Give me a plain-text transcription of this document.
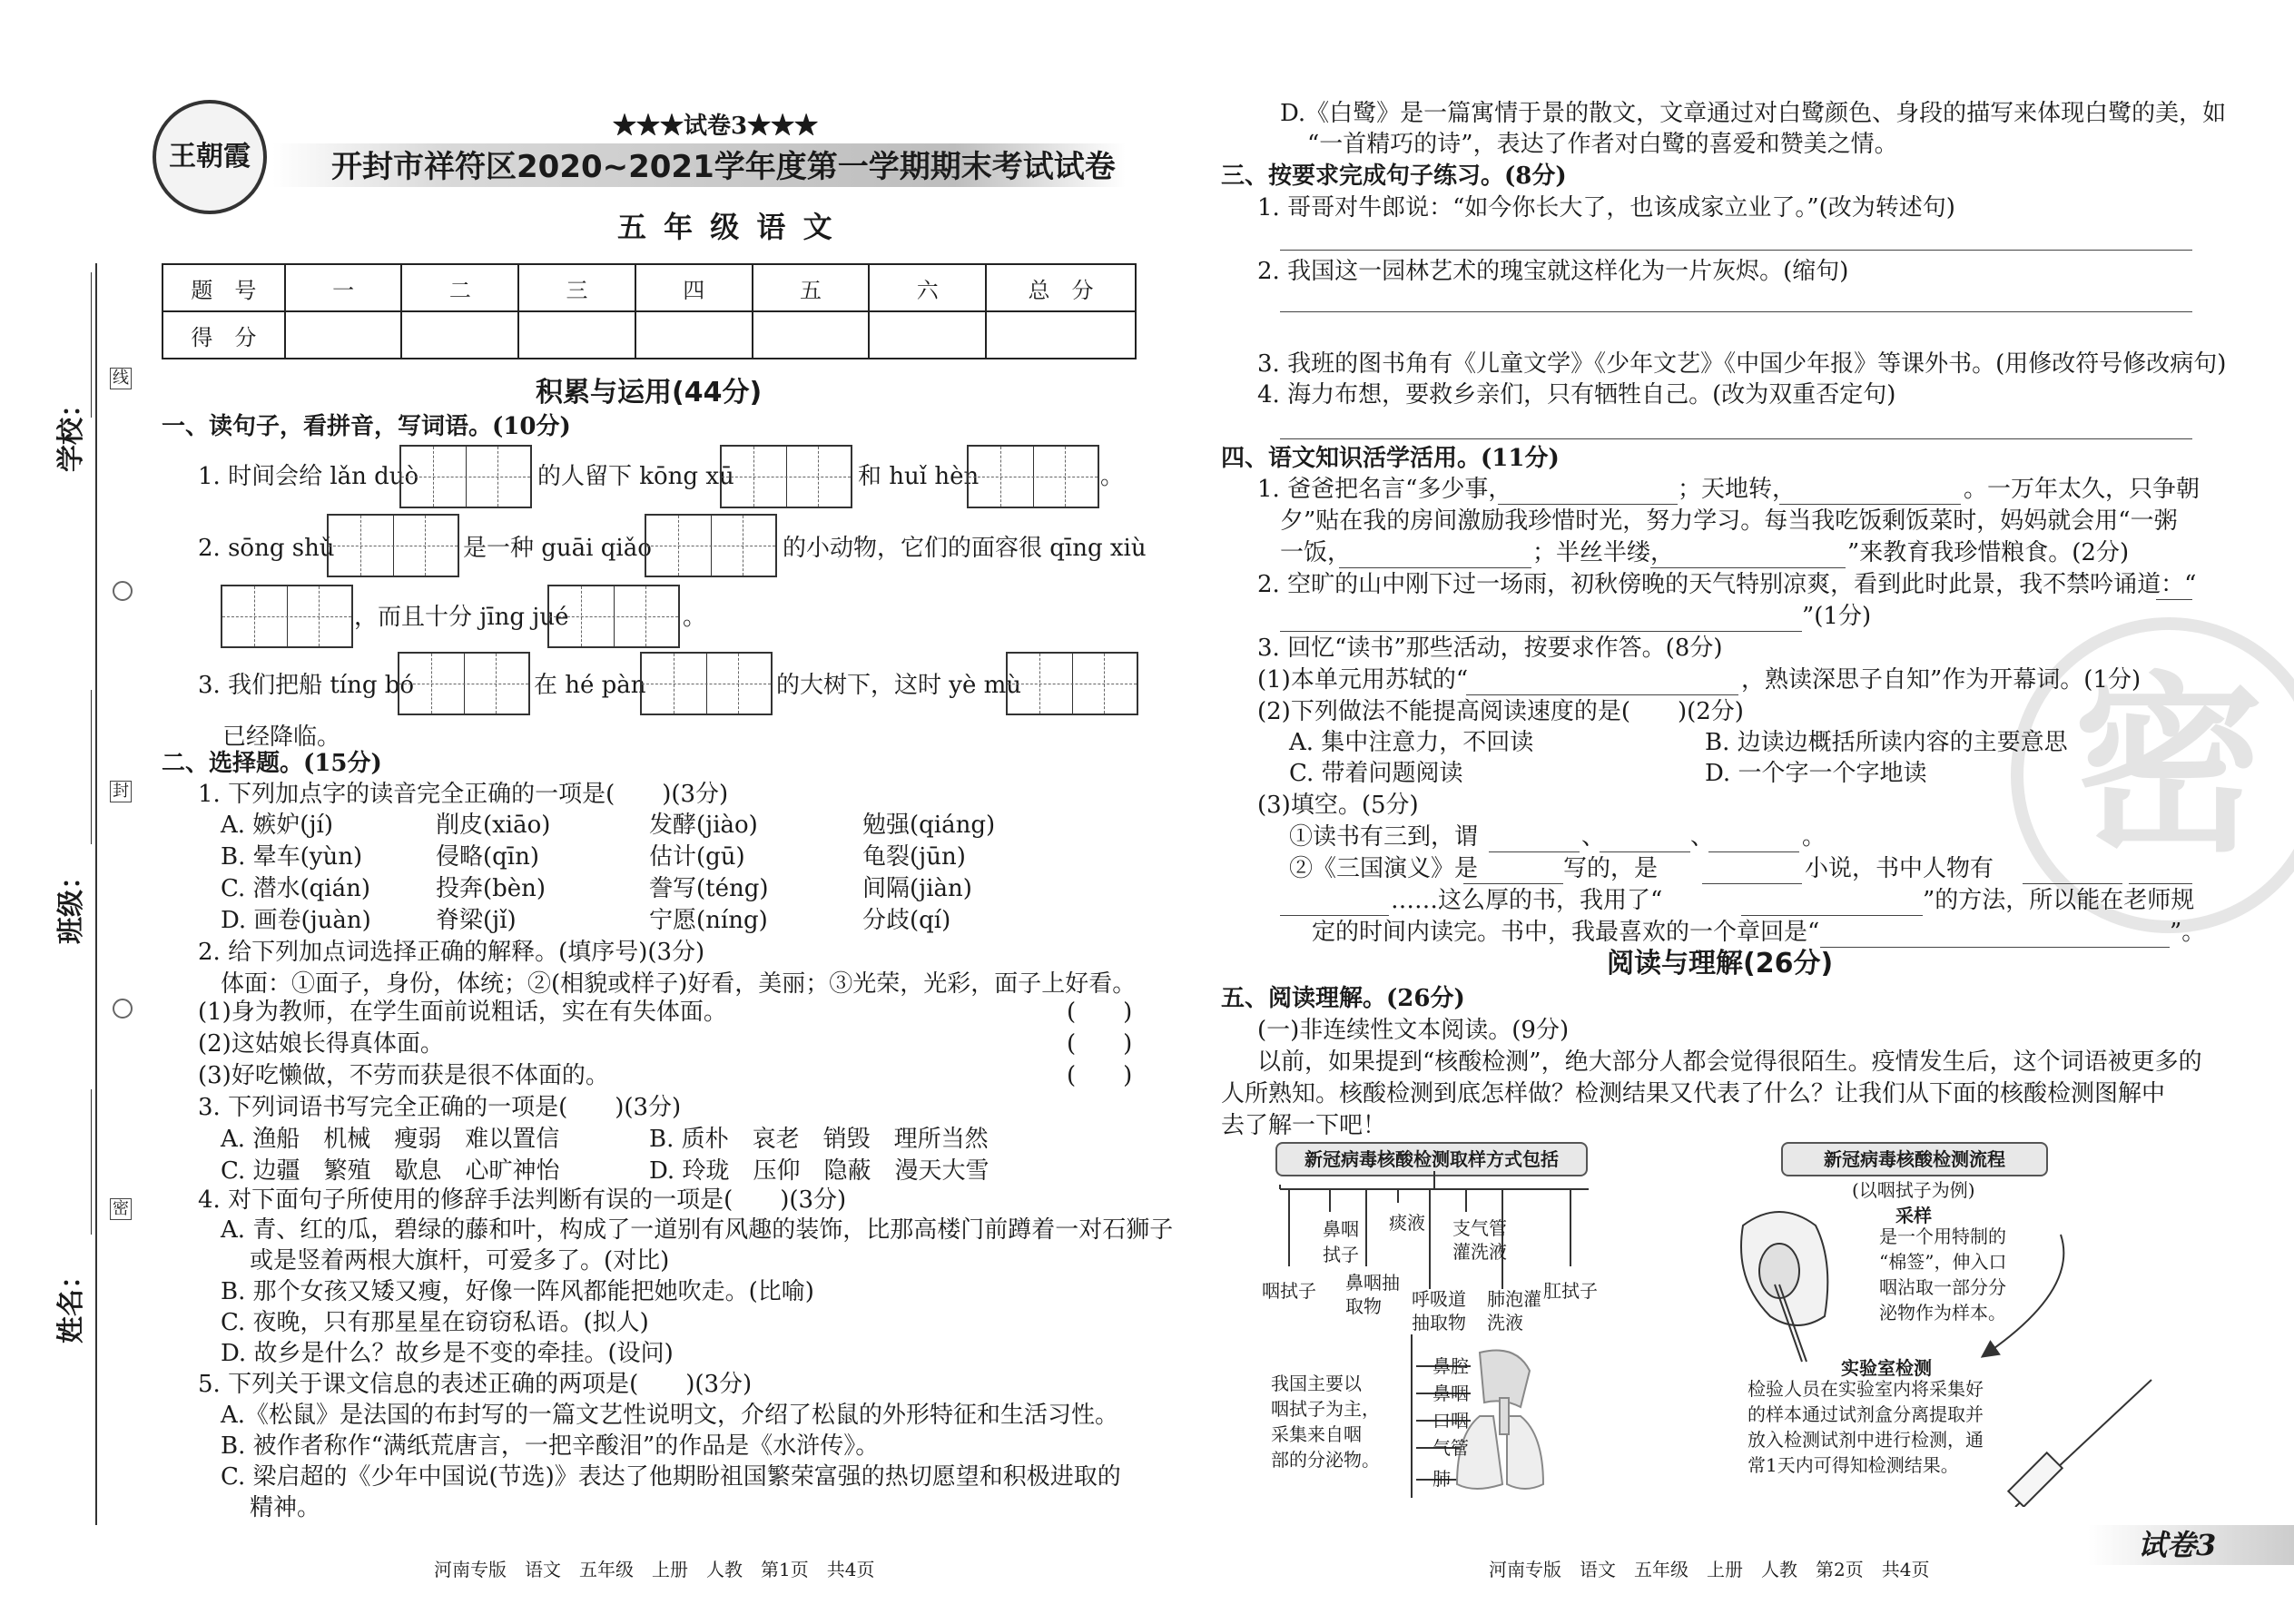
学校：
线
封
密
班级：
姓名：
王朝霞
★★★试卷3★★★
开封市祥符区2020~2021学年度第一学期期末考试试卷
五 年 级 语 文
题　号	一	二	三	四	五	六	总　分
得　分							
积累与运用(44分)
一、读句子，看拼音，写词语。(10分)
1. 时间会给 lǎn duò	的人留下 kōng xū	和 huǐ hèn	。
2. sōng shǔ	是一种 guāi qiǎo	的小动物，它们的面容很 qīng xiù
，而且十分 jīng jué	。
3. 我们把船 tíng bó	在 hé pàn	的大树下，这时 yè mù
已经降临。
二、选择题。(15分)
1. 下列加点字的读音完全正确的一项是(　　)(3分)
A. 嫉妒(jí)	削皮(xiāo)	发酵(jiào)	勉强(qiáng)
B. 晕车(yùn)	侵略(qīn)	估计(gū)	龟裂(jūn)
C. 潜水(qián)	投奔(bèn)	誊写(téng)	间隔(jiàn)
D. 画卷(juàn)	脊梁(jǐ)	宁愿(níng)	分歧(qí)
2. 给下列加点词选择正确的解释。(填序号)(3分)
体面：①面子，身份，体统；②(相貌或样子)好看，美丽；③光荣，光彩，面子上好看。
(1)身为教师，在学生面前说粗话，实在有失体面。	(　　)
(2)这姑娘长得真体面。	(　　)
(3)好吃懒做，不劳而获是很不体面的。	(　　)
3. 下列词语书写完全正确的一项是(　　)(3分)
A. 渔船　机械　瘦弱　难以置信	B. 质朴　哀老　销毁　理所当然
C. 边疆　繁殖　歇息　心旷神怡	D. 玲珑　压仰　隐蔽　漫天大雪
4. 对下面句子所使用的修辞手法判断有误的一项是(　　)(3分)
A. 青、红的瓜，碧绿的藤和叶，构成了一道别有风趣的装饰，比那高楼门前蹲着一对石狮子
或是竖着两根大旗杆，可爱多了。(对比)
B. 那个女孩又矮又瘦，好像一阵风都能把她吹走。(比喻)
C. 夜晚，只有那星星在窃窃私语。(拟人)
D. 故乡是什么？故乡是不变的牵挂。(设问)
5. 下列关于课文信息的表述正确的两项是(　　)(3分)
A.《松鼠》是法国的布封写的一篇文艺性说明文，介绍了松鼠的外形特征和生活习性。
B. 被作者称作“满纸荒唐言，一把辛酸泪”的作品是《水浒传》。
C. 梁启超的《少年中国说(节选)》表达了他期盼祖国繁荣富强的热切愿望和积极进取的
精神。
河南专版　语文　五年级　上册　人教　第1页　共4页
密
D.《白鹭》是一篇寓情于景的散文，文章通过对白鹭颜色、身段的描写来体现白鹭的美，如
“一首精巧的诗”，表达了作者对白鹭的喜爱和赞美之情。
三、按要求完成句子练习。(8分)
1. 哥哥对牛郎说：“如今你长大了，也该成家立业了。”(改为转述句)
2. 我国这一园林艺术的瑰宝就这样化为一片灰烬。(缩句)
3. 我班的图书角有《儿童文学》《少年文艺》《中国少年报》等课外书。(用修改符号修改病句)
4. 海力布想，要救乡亲们，只有牺牲自己。(改为双重否定句)
四、语文知识活学活用。(11分)
1. 爸爸把名言“多少事，	；天地转，	。一万年太久，只争朝
夕”贴在我的房间激励我珍惜时光，努力学习。每当我吃饭剩饭菜时，妈妈就会用“一粥
一饭，	；半丝半缕，	”来教育我珍惜粮食。(2分)
2. 空旷的山中刚下过一场雨，初秋傍晚的天气特别凉爽，看到此时此景，我不禁吟诵道：“
”(1分)
3. 回忆“读书”那些活动，按要求作答。(8分)
(1)本单元用苏轼的“	，熟读深思子自知”作为开幕词。(1分)
(2)下列做法不能提高阅读速度的是(　　)(2分)
A. 集中注意力，不回读	B. 边读边概括所读内容的主要意思
C. 带着问题阅读	D. 一个字一个字地读
(3)填空。(5分)
①读书有三到，谓	、	、	。
②《三国演义》是	写的，是	小说，书中人物有
……这么厚的书，我用了“	”的方法，所以能在老师规
定的时间内读完。书中，我最喜欢的一个章回是“	”。
阅读与理解(26分)
五、阅读理解。(26分)
(一)非连续性文本阅读。(9分)
以前，如果提到“核酸检测”，绝大部分人都会觉得很陌生。疫情发生后，这个词语被更多的
人所熟知。核酸检测到底怎样做？检测结果又代表了什么？让我们从下面的核酸检测图解中
去了解一下吧！
新冠病毒核酸检测取样方式包括
咽拭子
鼻咽拭子
鼻咽抽取物
痰液
呼吸道抽取物
支气管灌洗液
肺泡灌洗液
肛拭子
我国主要以
咽拭子为主，
采集来自咽
部的分泌物。
鼻腔
鼻咽
口咽
气管
肺
新冠病毒核酸检测流程
(以咽拭子为例)
采样
是一个用特制的
“棉签”，伸入口
咽沾取一部分分
泌物作为样本。
实验室检测
检验人员在实验室内将采集好
的样本通过试剂盒分离提取并
放入检测试剂中进行检测，通
常1天内可得知检测结果。
河南专版　语文　五年级　上册　人教　第2页　共4页
试卷3
